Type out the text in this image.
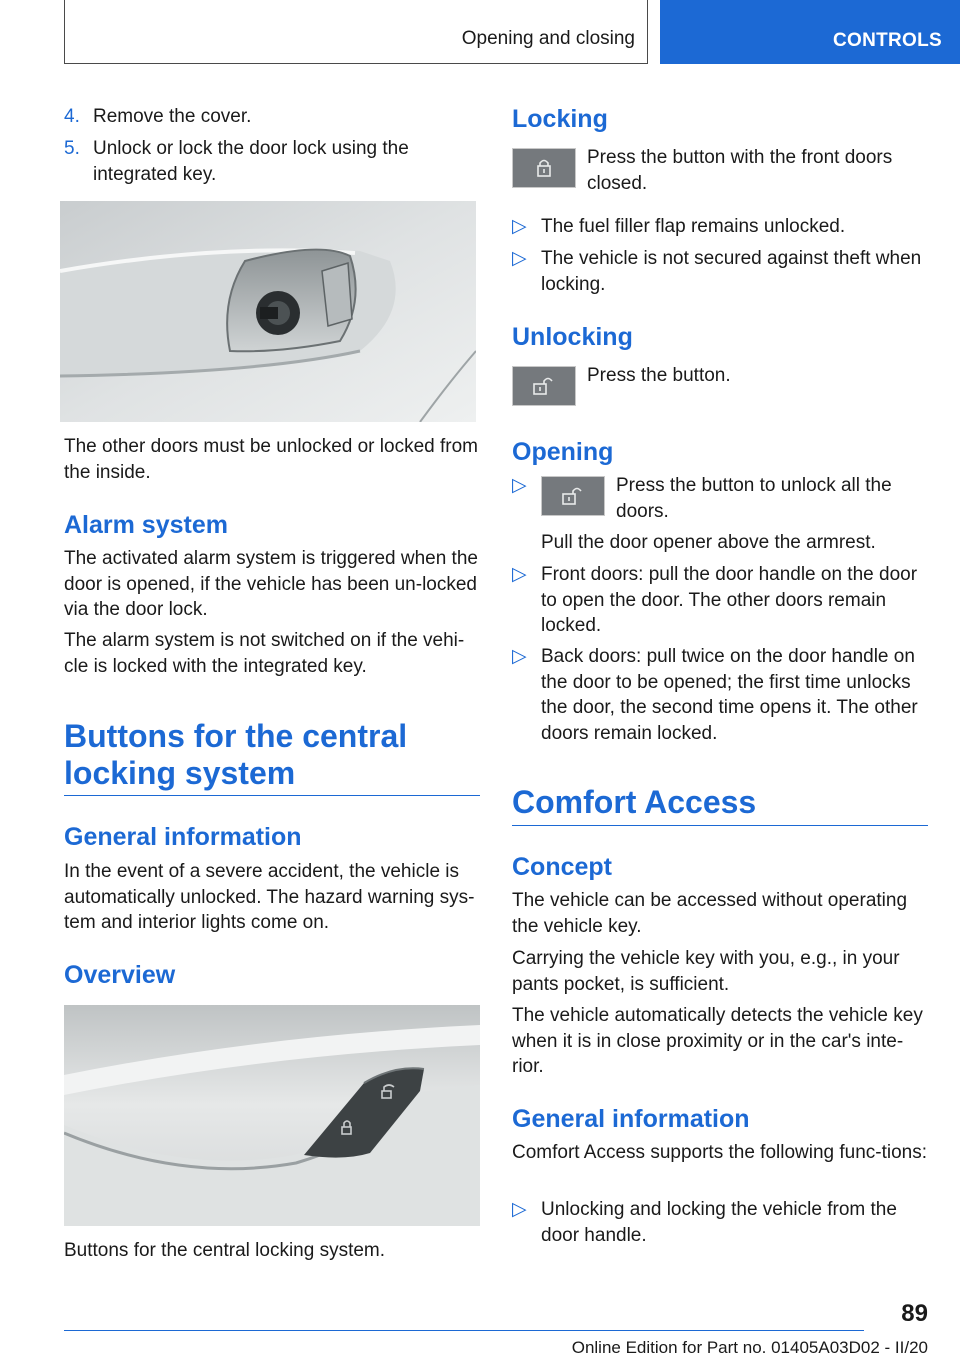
Opening and closing	CONTROLS
4. Remove the cover.
5. Unlock or lock the door lock using the integrated key.

The other doors must be unlocked or locked from the inside.

Alarm system

The activated alarm system is triggered when the door is opened, if the vehicle has been un-locked via the door lock.

The alarm system is not switched on if the vehi-cle is locked with the integrated key.

Buttons for the central locking system
General information

In the event of a severe accident, the vehicle is automatically unlocked. The hazard warning sys-tem and interior lights come on.

Overview

Buttons for the central locking system.

Locking

Press the button with the front doors closed.

▷ The fuel filler flap remains unlocked.
▷ The vehicle is not secured against theft when locking.
Unlocking

Press the button.

Opening
▷	Press the button to unlock all the doors.

Pull the door opener above the armrest.

▷ Front doors: pull the door handle on the door to open the door. The other doors remain locked.
▷ Back doors: pull twice on the door handle on the door to be opened; the first time unlocks the door, the second time opens it. The other doors remain locked.
Comfort Access
Concept

The vehicle can be accessed without operating the vehicle key.

Carrying the vehicle key with you, e.g., in your pants pocket, is sufficient.

The vehicle automatically detects the vehicle key when it is in close proximity or in the car's inte-rior.

General information

Comfort Access supports the following func-tions:

▷ Unlocking and locking the vehicle from the door handle.
89
Online Edition for Part no. 01405A03D02 - II/20
